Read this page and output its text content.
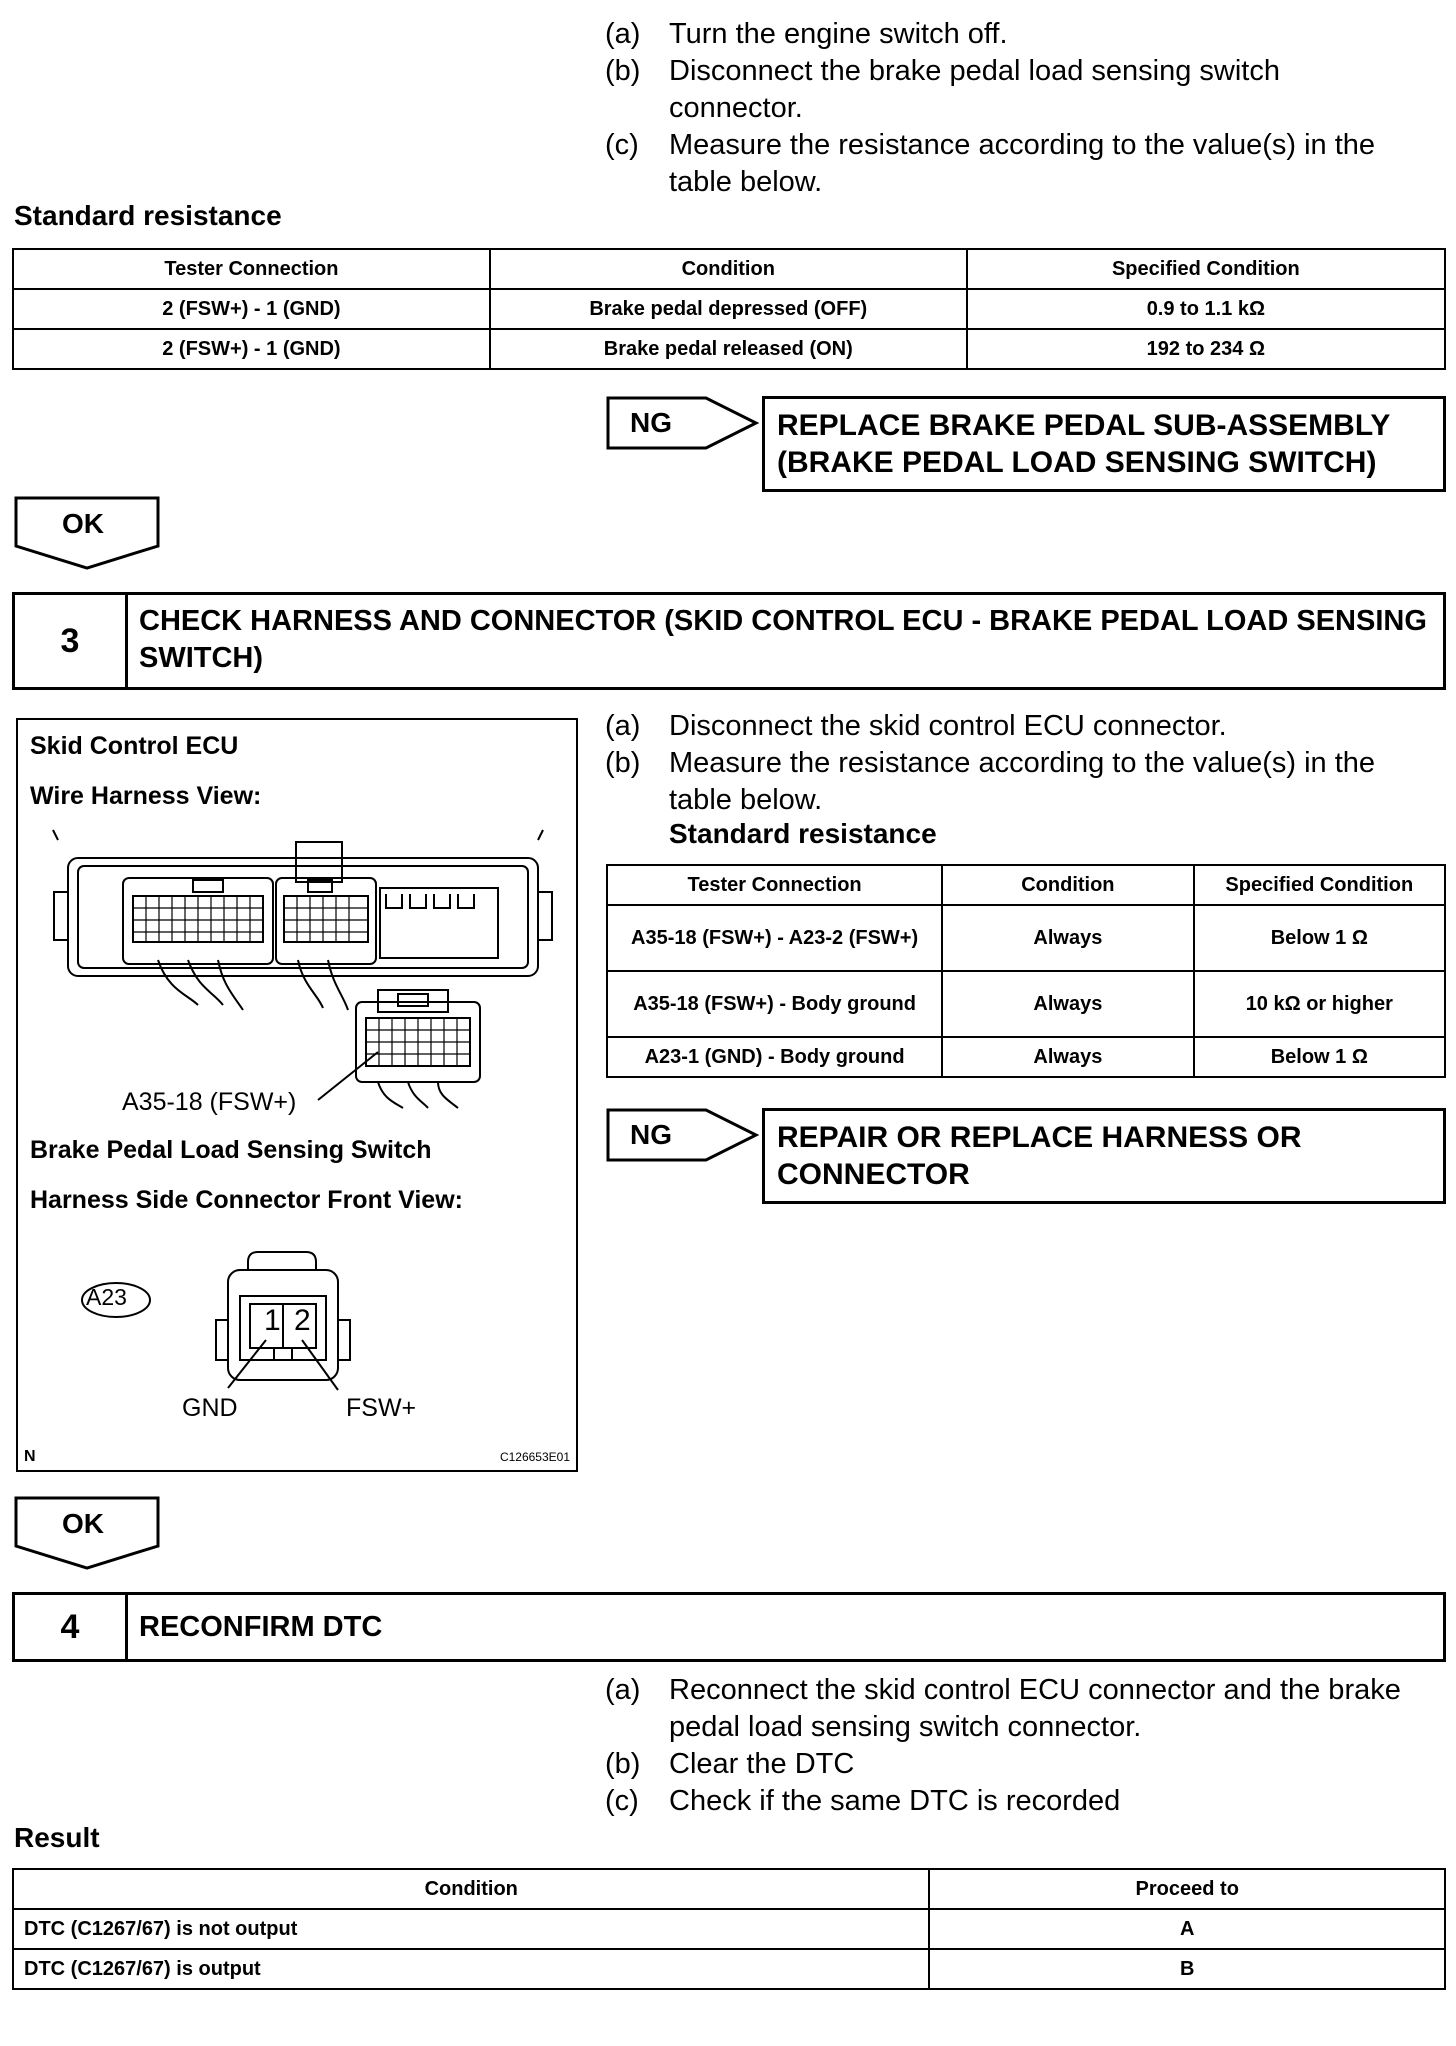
(a) Turn the engine switch off.
(b) Disconnect the brake pedal load sensing switch connector.
(c)	Measure the resistance according to the value(s) in the table below.
Standard resistance
Tester Connection	Condition	Specified Condition
2 (FSW+) - 1 (GND)	Brake pedal depressed (OFF)	0.9 to 1.1 kΩ
2 (FSW+) - 1 (GND)	Brake pedal released (ON)	192 to 234 Ω
NG	REPLACE BRAKE PEDAL SUB-ASSEMBLY (BRAKE PEDAL LOAD SENSING SWITCH)
OK
3
CHECK HARNESS AND CONNECTOR (SKID CONTROL ECU - BRAKE PEDAL LOAD SENSING SWITCH)
Skid Control ECU
Wire Harness View:
A35-18 (FSW+)
Brake Pedal Load Sensing Switch
Harness Side Connector Front View:
A23
1 2
GND	FSW+
N	C126653E01
(a) Disconnect the skid control ECU connector.
(b) Measure the resistance according to the value(s) in the table below.
Standard resistance
Tester Connection	Condition	Specified Condition
A35-18 (FSW+) - A23-2 (FSW+)	Always	Below 1 Ω
A35-18 (FSW+) - Body ground	Always	10 kΩ or higher
A23-1 (GND) - Body ground	Always	Below 1 Ω
NG	REPAIR OR REPLACE HARNESS OR CONNECTOR
OK
4	RECONFIRM DTC
(a) Reconnect the skid control ECU connector and the brake pedal load sensing switch connector.
(b) Clear the DTC
(c)	Check if the same DTC is recorded
Result
Condition	Proceed to
DTC (C1267/67) is not output	A
DTC (C1267/67) is output	B
